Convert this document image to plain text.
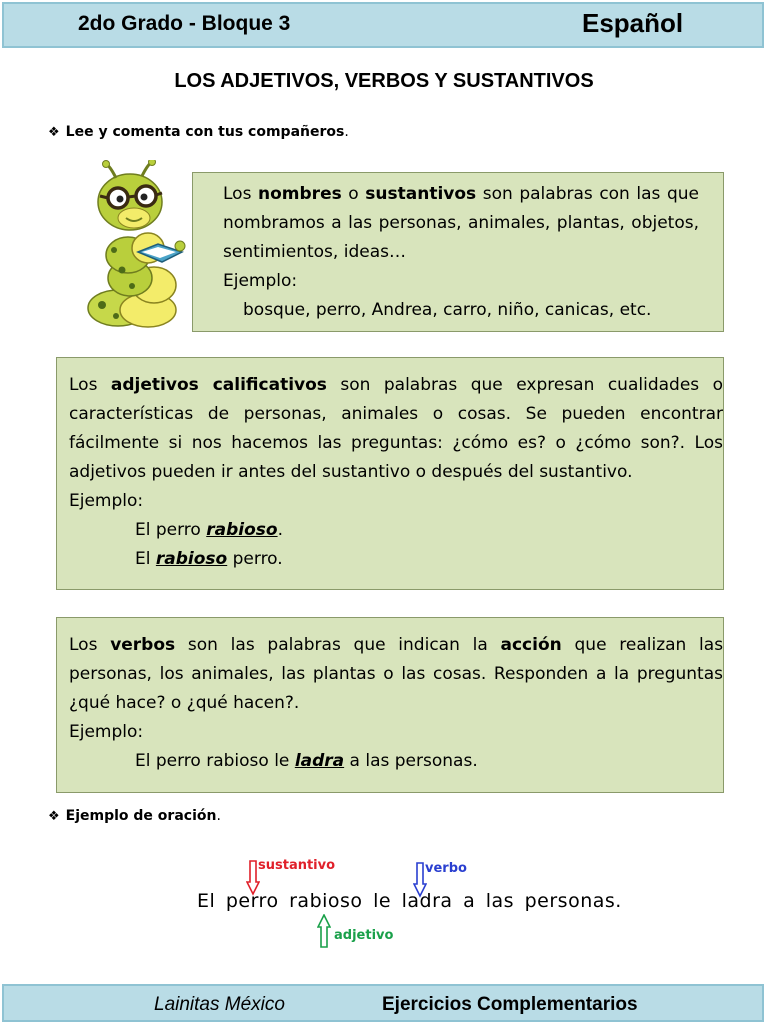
2do Grado - Bloque 3	Español
LOS ADJETIVOS, VERBOS Y SUSTANTIVOS
❖ Lee y comenta con tus compañeros.

Los nombres o sustantivos son palabras con las que nombramos a las personas, animales, plantas, objetos, sentimientos, ideas…

Ejemplo:

bosque, perro, Andrea, carro, niño, canicas, etc.

Los adjetivos calificativos son palabras que expresan cualidades o características de personas, animales o cosas. Se pueden encontrar fácilmente si nos hacemos las preguntas: ¿cómo es? o ¿cómo son?. Los adjetivos pueden ir antes del sustantivo o después del sustantivo.

Ejemplo:

El perro rabioso.

El rabioso perro.

Los verbos son las palabras que indican la acción que realizan las personas, los animales, las plantas o las cosas. Responden a la preguntas ¿qué hace? o ¿qué hacen?.

Ejemplo:

El perro rabioso le ladra a las personas.

❖ Ejemplo de oración.
sustantivo	verbo
El perro rabioso le ladra a las personas.
adjetivo
Lainitas México	Ejercicios Complementarios
